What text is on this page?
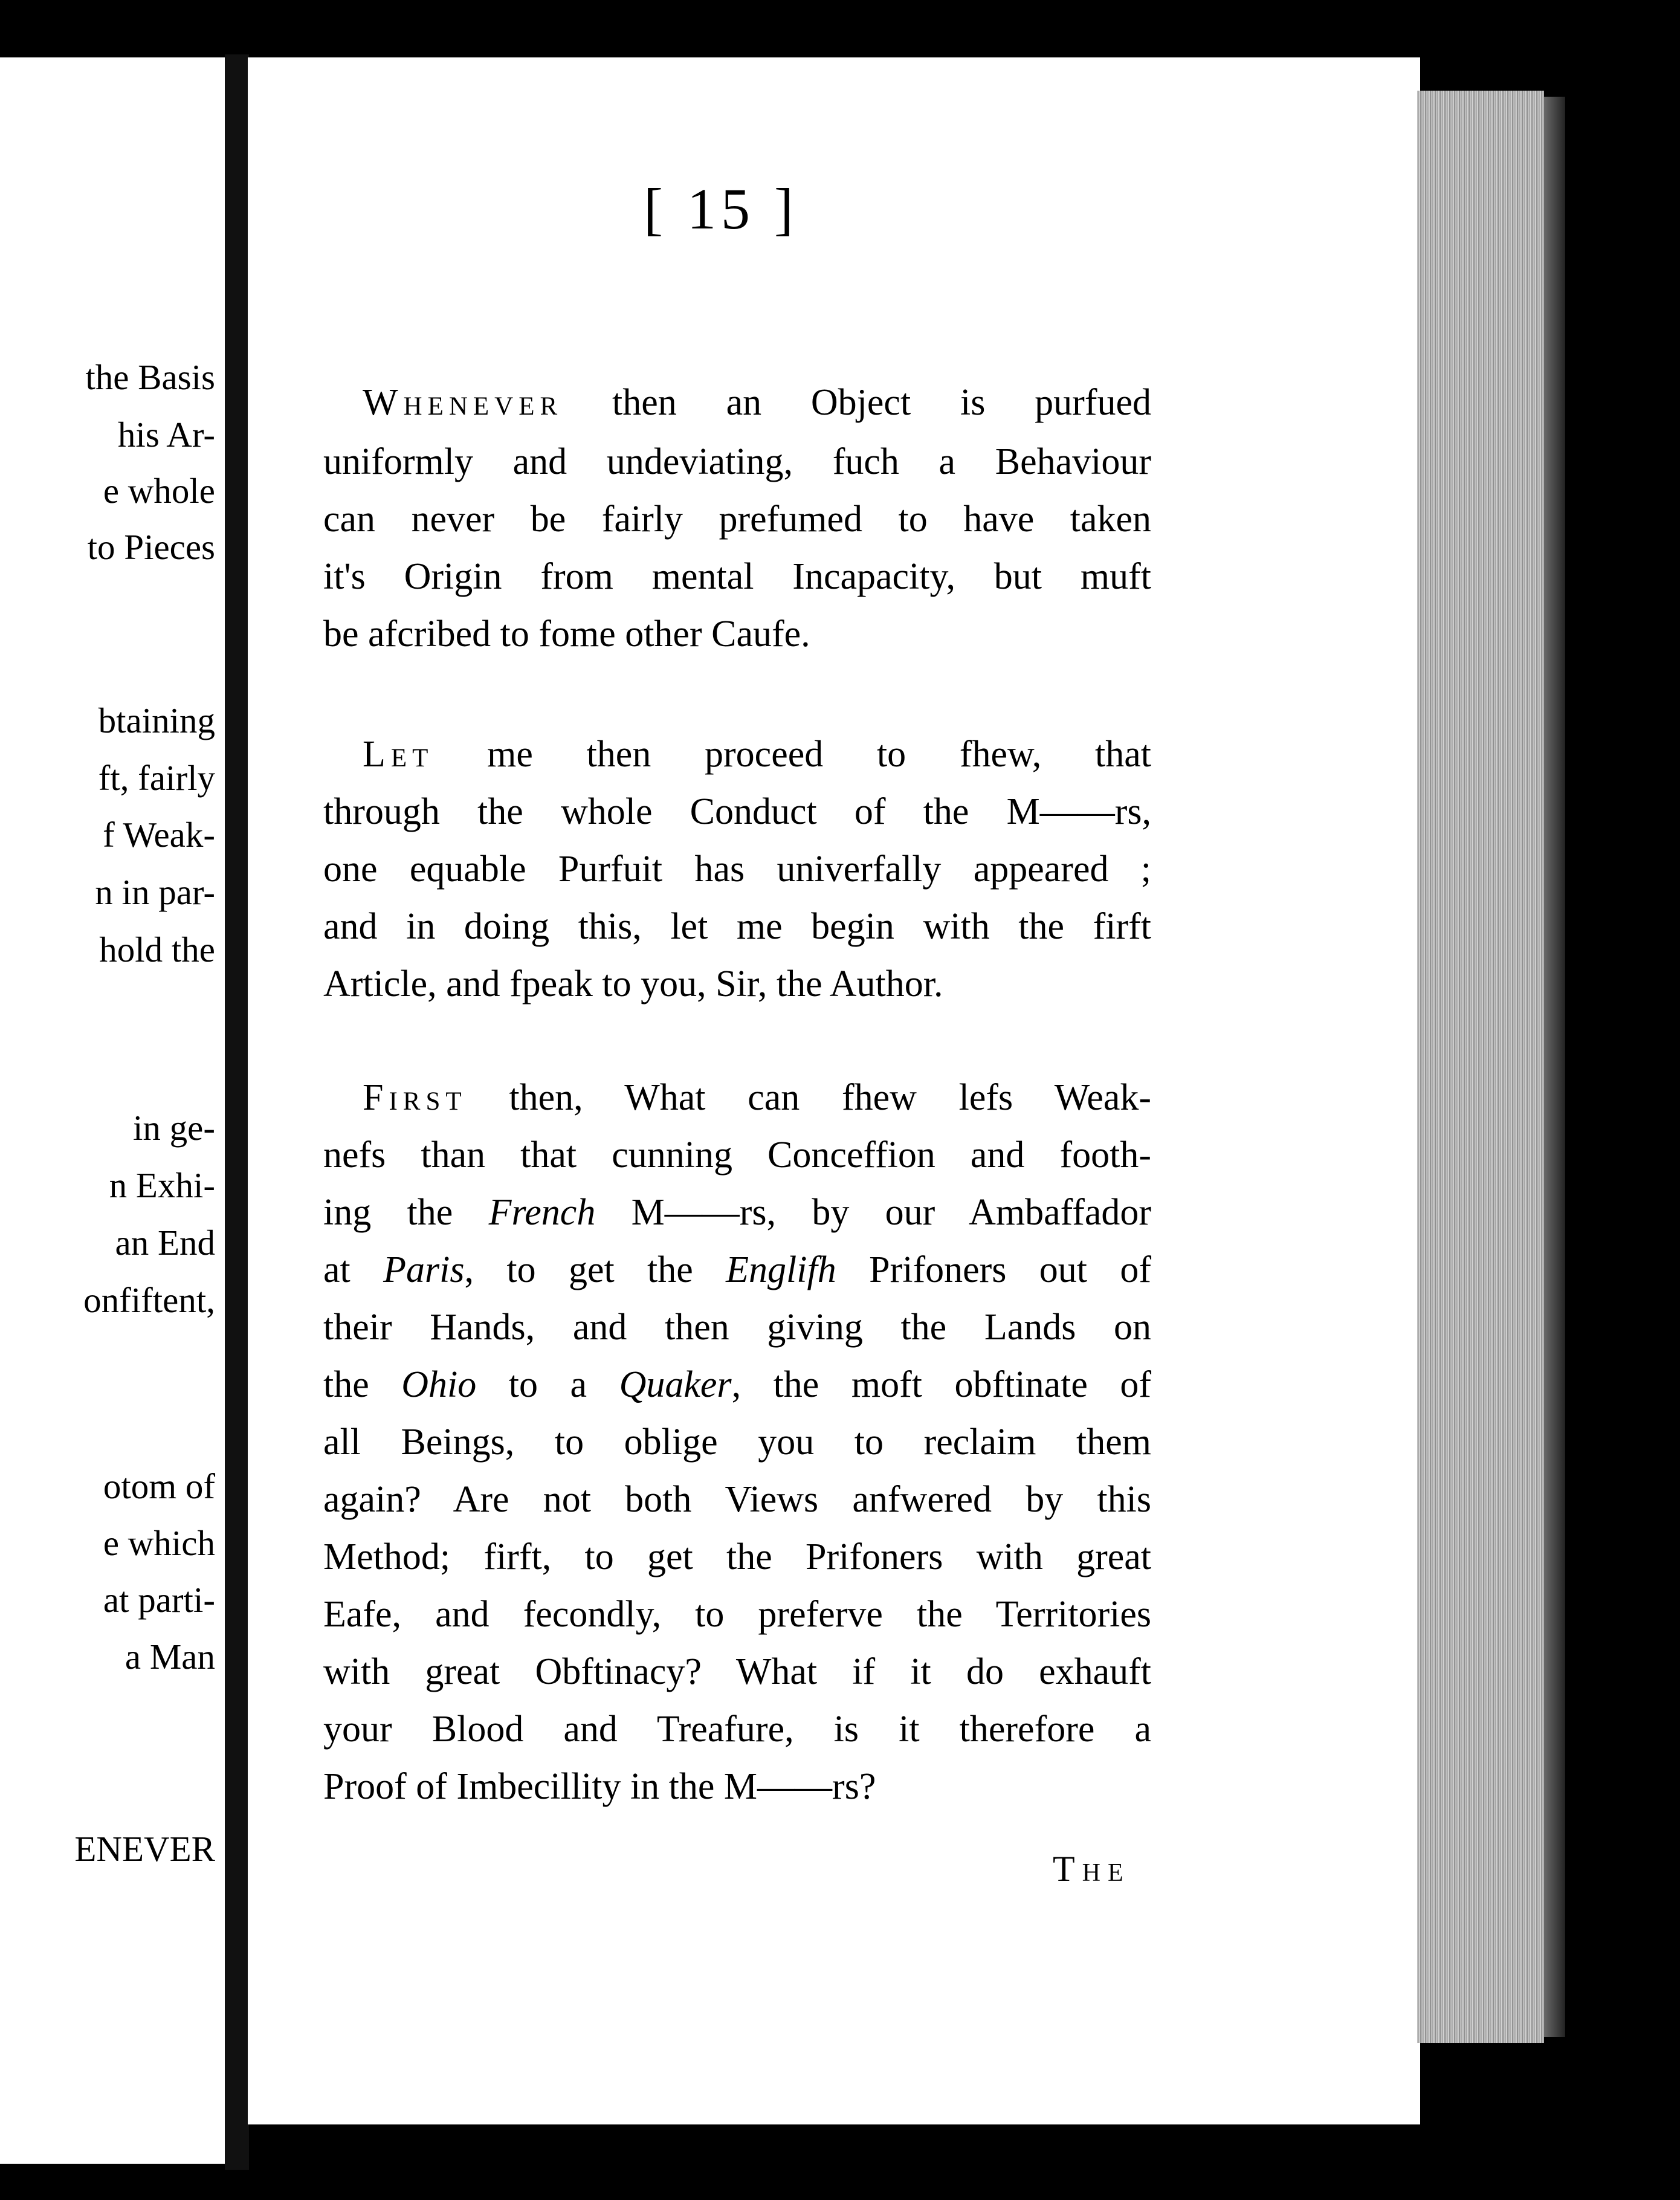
the Basis

his Ar-

e whole

to Pieces

btaining

ft, fairly

f Weak-

n in par-

hold the

in ge-

n Exhi-

an End

onfiftent,

otom of

e which

at parti-

a Man

ENEVER

[ 15 ]

Whenever then an Object is purfued

uniformly and undeviating, fuch a Behaviour

can never be fairly prefumed to have taken

it's Origin from mental Incapacity, but muft

be afcribed to fome other Caufe.

Let me then proceed to fhew, that

through the whole Conduct of the M——rs,

one equable Purfuit has univerfally appeared ;

and in doing this, let me begin with the firft

Article, and fpeak to you, Sir, the Author.

First then, What can fhew lefs Weak-

nefs than that cunning Conceffion and footh-

ing the French M——rs, by our Ambaffador

at Paris, to get the Englifh Prifoners out of

their Hands, and then giving the Lands on

the Ohio to a Quaker, the moft obftinate of

all Beings, to oblige you to reclaim them

again? Are not both Views anfwered by this

Method; firft, to get the Prifoners with great

Eafe, and fecondly, to preferve the Territories

with great Obftinacy? What if it do exhauft

your Blood and Treafure, is it therefore a

Proof of Imbecillity in the M——rs?

The
